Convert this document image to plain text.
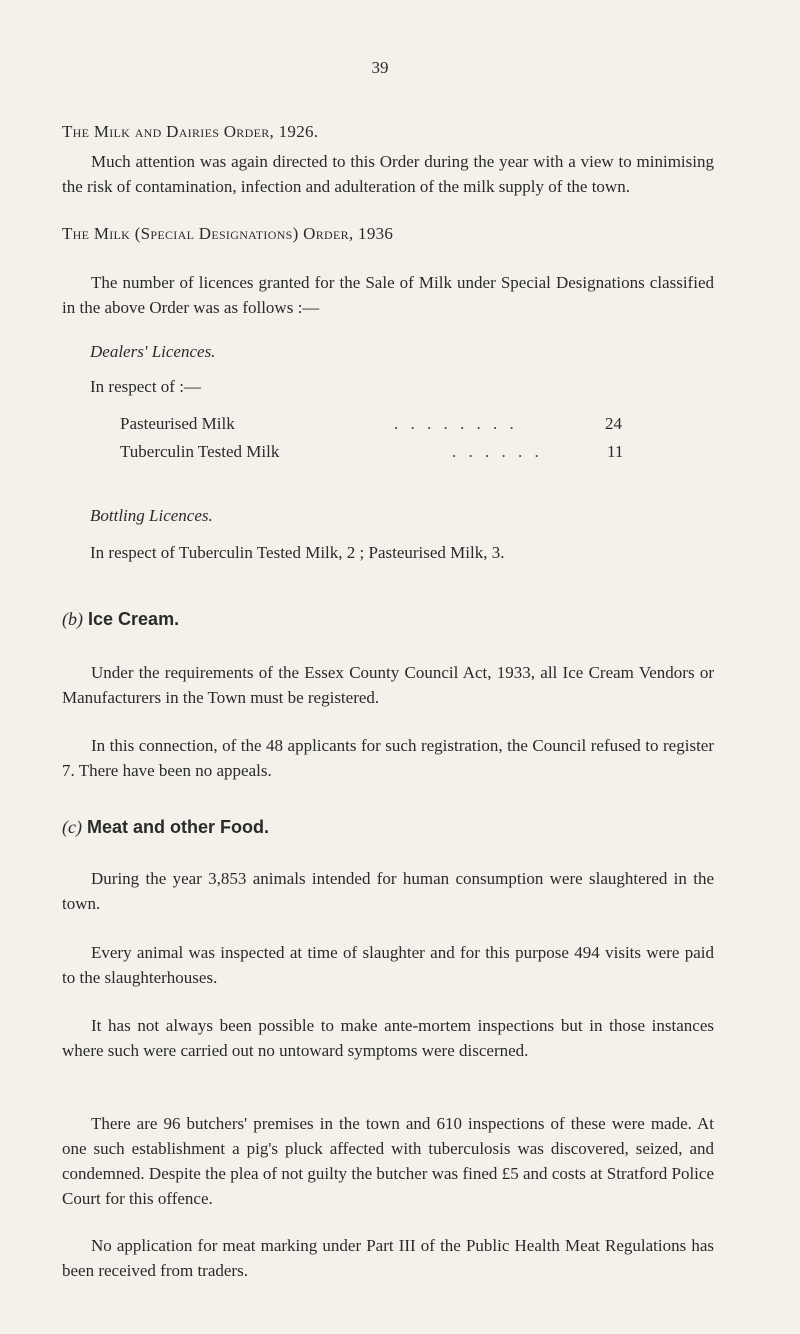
39
The Milk and Dairies Order, 1926.
Much attention was again directed to this Order during the year with a view to minimising the risk of contamination, infection and adulteration of the milk supply of the town.
The Milk (Special Designations) Order, 1936
The number of licences granted for the Sale of Milk under Special Designations classified in the above Order was as follows :—
Dealers' Licences.
In respect of :—
Pasteurised Milk	. . . . . . . .	24
Tuberculin Tested Milk	. . . . . .	11
Bottling Licences.
In respect of Tuberculin Tested Milk, 2 ; Pasteurised Milk, 3.
(b) Ice Cream.
Under the requirements of the Essex County Council Act, 1933, all Ice Cream Vendors or Manufacturers in the Town must be registered.
In this connection, of the 48 applicants for such registration, the Council refused to register 7. There have been no appeals.
(c) Meat and other Food.
During the year 3,853 animals intended for human consumption were slaughtered in the town.
Every animal was inspected at time of slaughter and for this purpose 494 visits were paid to the slaughterhouses.
It has not always been possible to make ante-mortem inspections but in those instances where such were carried out no untoward symptoms were discerned.
There are 96 butchers' premises in the town and 610 inspections of these were made. At one such establishment a pig's pluck affected with tuberculosis was discovered, seized, and condemned. Despite the plea of not guilty the butcher was fined £5 and costs at Stratford Police Court for this offence.
No application for meat marking under Part III of the Public Health Meat Regulations has been received from traders.
